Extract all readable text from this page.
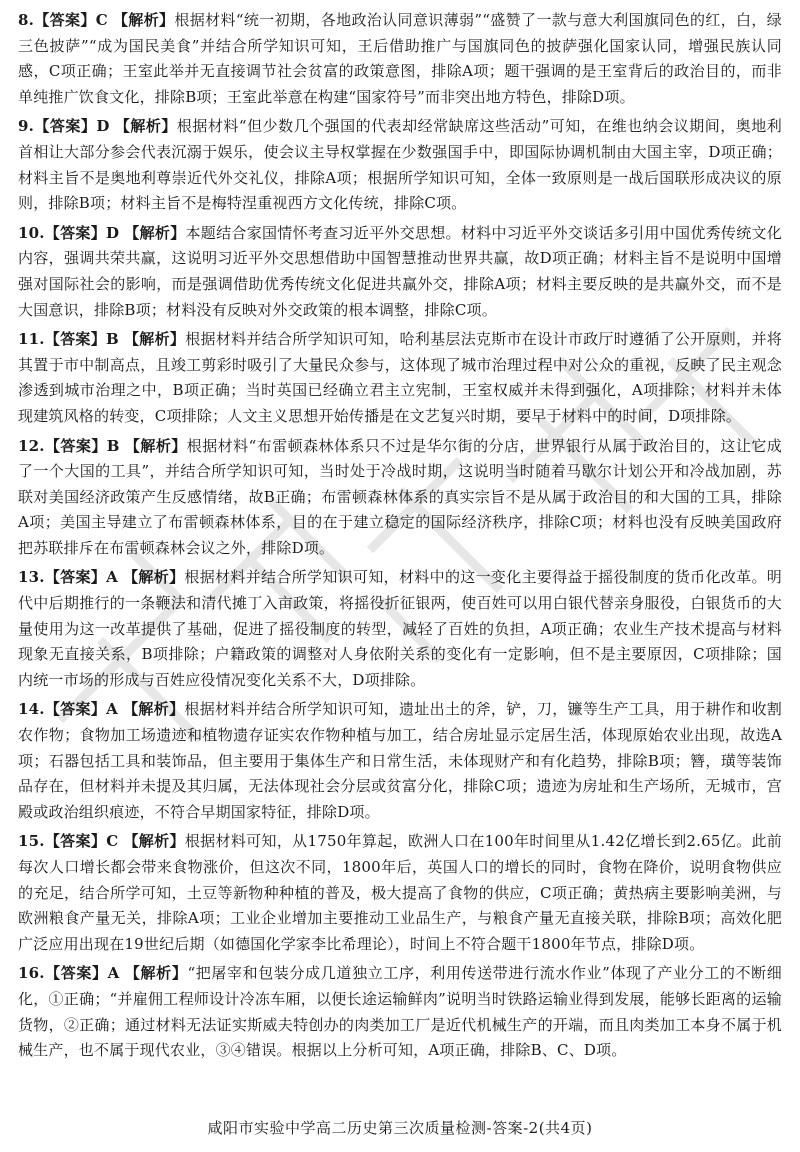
8.【答案】C 【解析】根据材料“统一初期，各地政治认同意识薄弱”“盛赞了一款与意大利国旗同色的红，白，绿三色披萨”“成为国民美食”并结合所学知识可知，王后借助推广与国旗同色的披萨强化国家认同，增强民族认同感，C项正确；王室此举并无直接调节社会贫富的政策意图，排除A项；题干强调的是王室背后的政治目的，而非单纯推广饮食文化，排除B项；王室此举意在构建“国家符号”而非突出地方特色，排除D项。

9.【答案】D 【解析】根据材料“但少数几个强国的代表却经常缺席这些活动”可知，在维也纳会议期间，奥地利首相让大部分参会代表沉溺于娱乐，使会议主导权掌握在少数强国手中，即国际协调机制由大国主宰，D项正确；材料主旨不是奥地利尊崇近代外交礼仪，排除A项；根据所学知识可知，全体一致原则是一战后国联形成决议的原则，排除B项；材料主旨不是梅特涅重视西方文化传统，排除C项。

10.【答案】D 【解析】本题结合家国情怀考查习近平外交思想。材料中习近平外交谈话多引用中国优秀传统文化内容，强调共荣共赢，这说明习近平外交思想借助中国智慧推动世界共赢，故D项正确；材料主旨不是说明中国增强对国际社会的影响，而是强调借助优秀传统文化促进共赢外交，排除A项；材料主要反映的是共赢外交，而不是大国意识，排除B项；材料没有反映对外交政策的根本调整，排除C项。

11.【答案】B 【解析】根据材料并结合所学知识可知，哈利基层法克斯市在设计市政厅时遵循了公开原则，并将其置于市中制高点，且竣工剪彩时吸引了大量民众参与，这体现了城市治理过程中对公众的重视，反映了民主观念渗透到城市治理之中，B项正确；当时英国已经确立君主立宪制，王室权威并未得到强化，A项排除；材料并未体现建筑风格的转变，C项排除；人文主义思想开始传播是在文艺复兴时期，要早于材料中的时间，D项排除。

12.【答案】B 【解析】根据材料“布雷顿森林体系只不过是华尔街的分店，世界银行从属于政治目的，这让它成了一个大国的工具”，并结合所学知识可知，当时处于冷战时期，这说明当时随着马歇尔计划公开和冷战加剧，苏联对美国经济政策产生反感情绪，故B正确；布雷顿森林体系的真实宗旨不是从属于政治目的和大国的工具，排除A项；美国主导建立了布雷顿森林体系，目的在于建立稳定的国际经济秩序，排除C项；材料也没有反映美国政府把苏联排斥在布雷顿森林会议之外，排除D项。

13.【答案】A 【解析】根据材料并结合所学知识可知，材料中的这一变化主要得益于摇役制度的货币化改革。明代中后期推行的一条鞭法和清代摊丁入亩政策，将摇役折征银两，使百姓可以用白银代替亲身服役，白银货币的大量使用为这一改革提供了基础，促进了摇役制度的转型，减轻了百姓的负担，A项正确；农业生产技术提高与材料现象无直接关系，B项排除；户籍政策的调整对人身依附关系的变化有一定影响，但不是主要原因，C项排除；国内统一市场的形成与百姓应役情况变化关系不大，D项排除。

14.【答案】A 【解析】根据材料并结合所学知识可知，遗址出土的斧，铲，刀，镰等生产工具，用于耕作和收割农作物；食物加工场遗迹和植物遗存证实农作物种植与加工，结合房址显示定居生活，体现原始农业出现，故选A项；石器包括工具和装饰品，但主要用于集体生产和日常生活，未体现财产和有化趋势，排除B项；簪，璜等装饰品存在，但材料并未提及其归属，无法体现社会分层或贫富分化，排除C项；遗迹为房址和生产场所，无城市，宫殿或政治组织痕迹，不符合早期国家特征，排除D项。

15.【答案】C 【解析】根据材料可知，从1750年算起，欧洲人口在100年时间里从1.42亿增长到2.65亿。此前每次人口增长都会带来食物涨价，但这次不同，1800年后，英国人口的增长的同时，食物在降价，说明食物供应的充足，结合所学可知，土豆等新物种种植的普及，极大提高了食物的供应，C项正确；黄热病主要影响美洲，与欧洲粮食产量无关，排除A项；工业企业增加主要推动工业品生产，与粮食产量无直接关联，排除B项；高效化肥广泛应用出现在19世纪后期（如德国化学家李比希理论），时间上不符合题干1800年节点，排除D项。

16.【答案】A 【解析】“把屠宰和包装分成几道独立工序，利用传送带进行流水作业”体现了产业分工的不断细化，①正确；“并雇佣工程师设计冷冻车厢，以便长途运输鲜肉”说明当时铁路运输业得到发展，能够长距离的运输货物，②正确；通过材料无法证实斯威夫特创办的肉类加工厂是近代机械生产的开端，而且肉类加工本身不属于机械生产，也不属于现代农业，③④错误。根据以上分析可知，A项正确，排除B、C、D项。

咸阳市实验中学高二历史第三次质量检测-答案-2(共4页)
